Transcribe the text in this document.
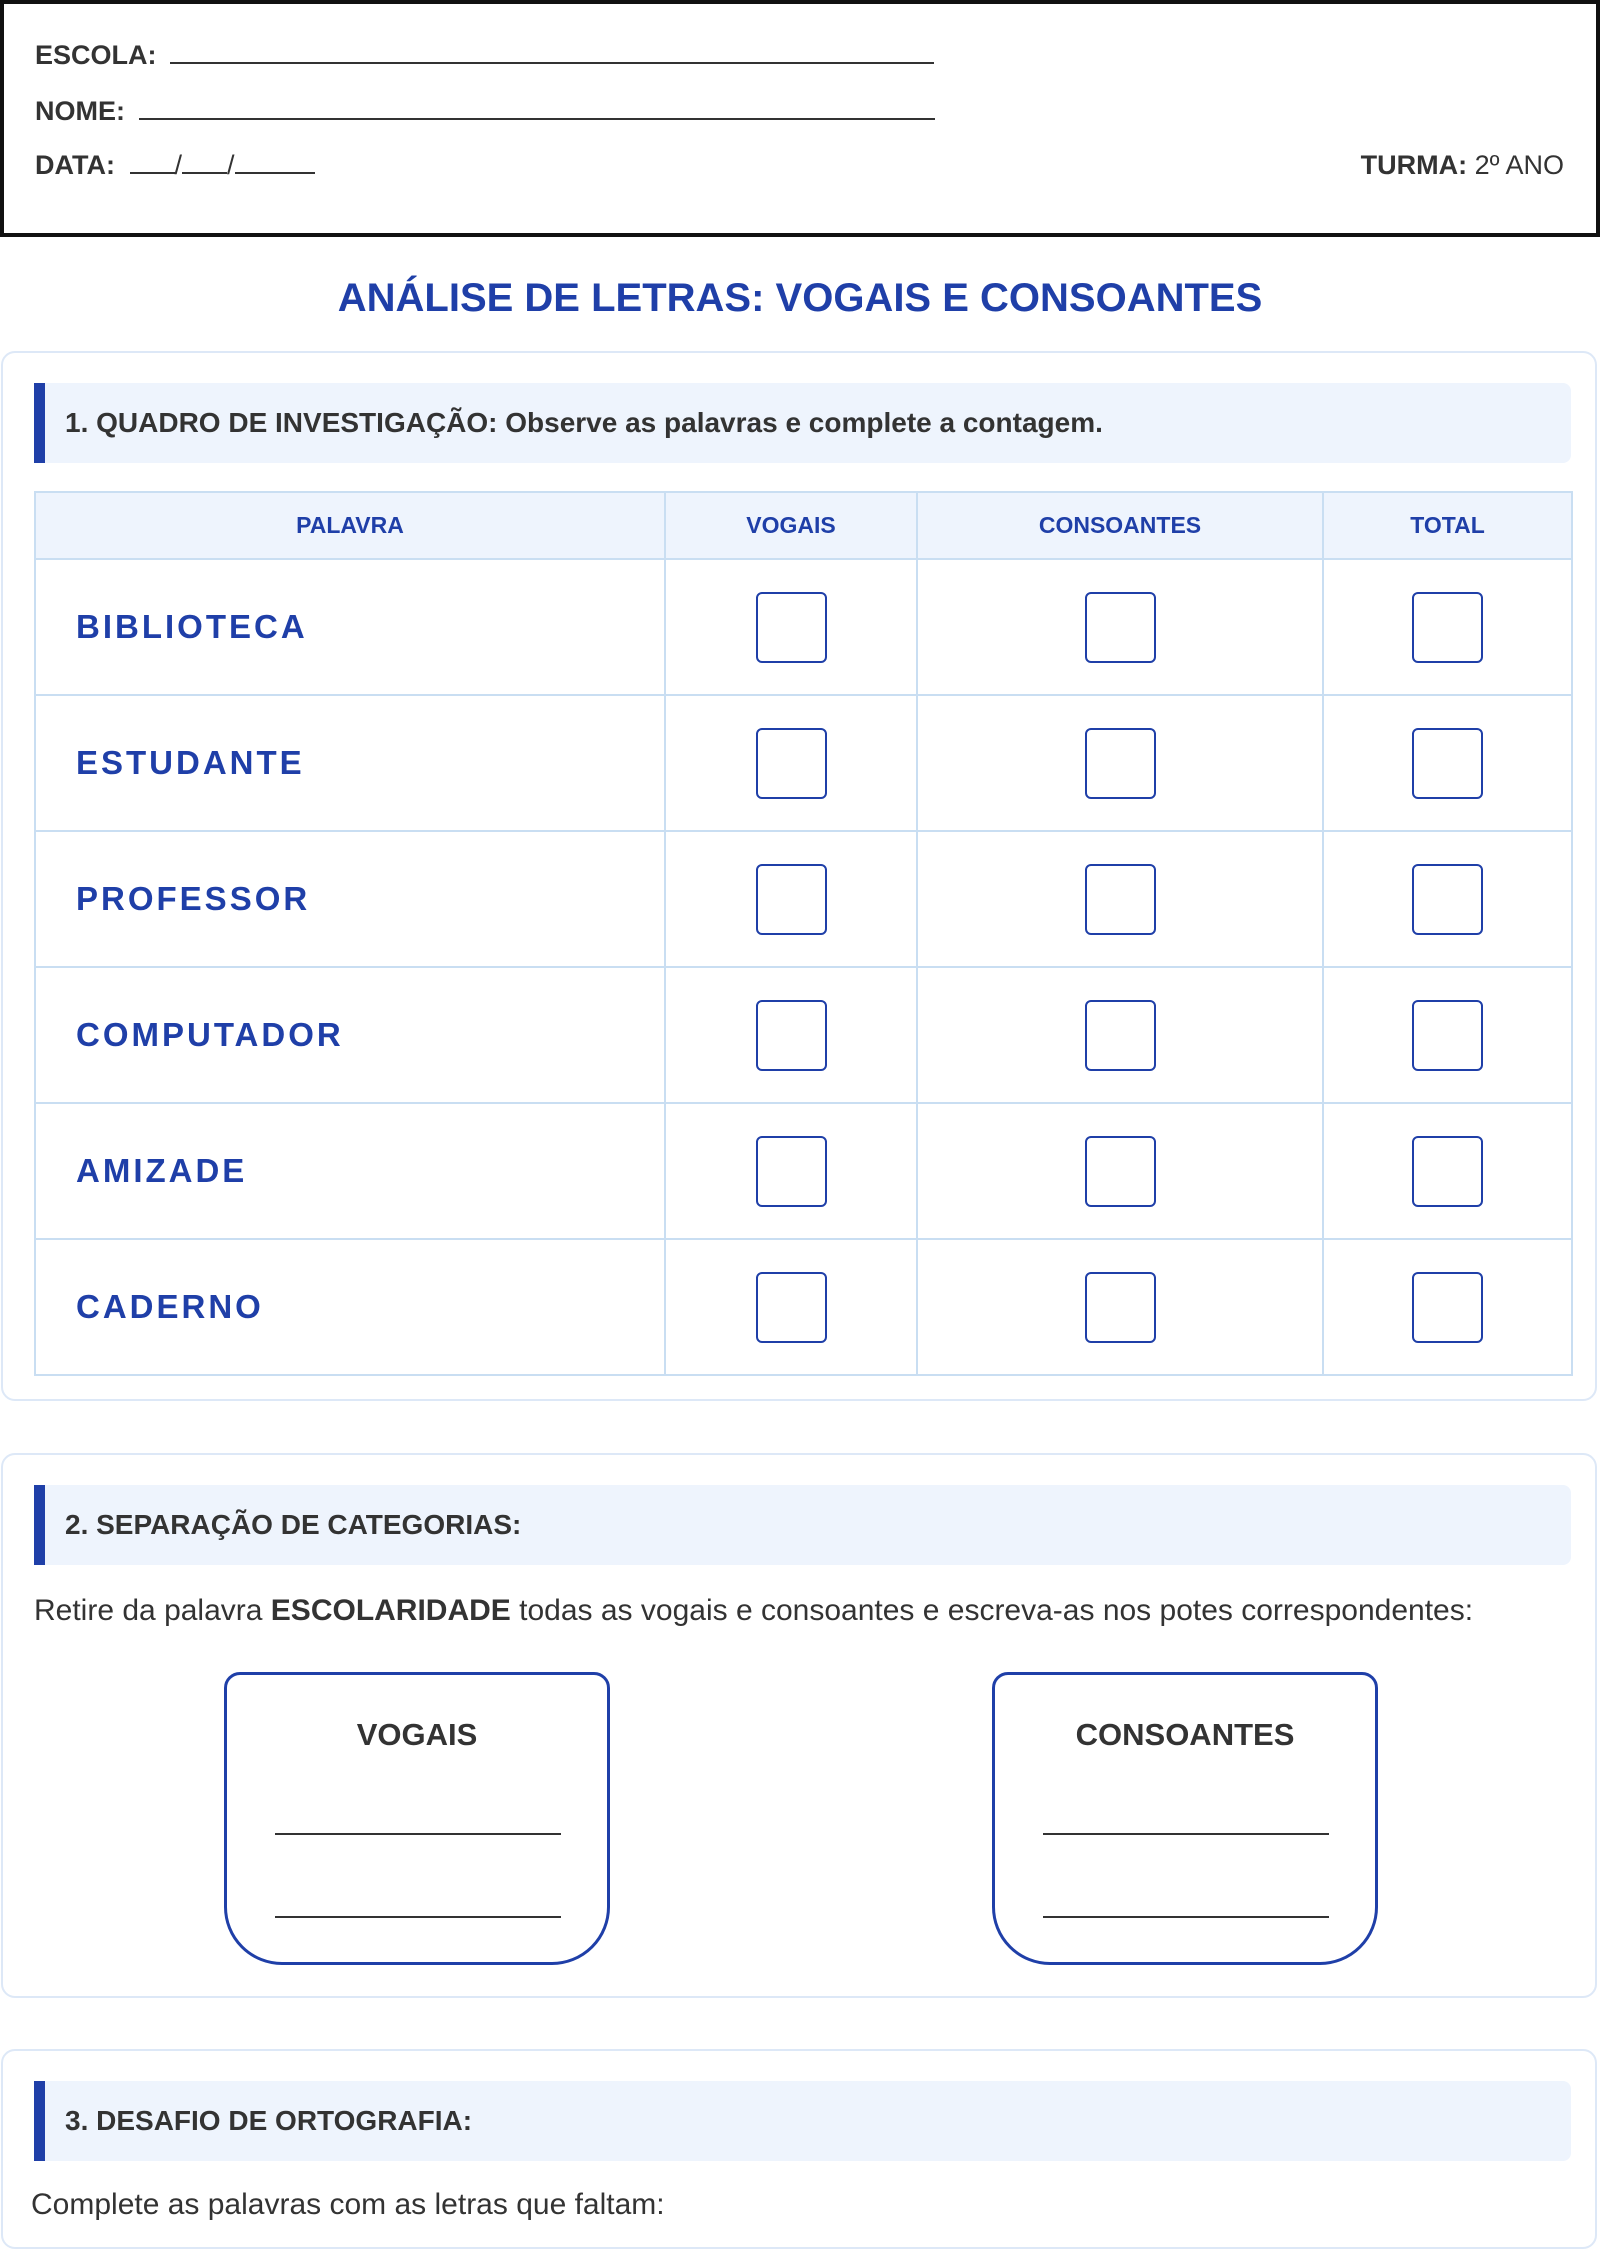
ESCOLA:
NOME:
DATA: / /	TURMA: 2º ANO
ANÁLISE DE LETRAS: VOGAIS E CONSOANTES
1. QUADRO DE INVESTIGAÇÃO: Observe as palavras e complete a contagem.
PALAVRA	VOGAIS	CONSOANTES	TOTAL
BIBLIOTECA			
ESTUDANTE			
PROFESSOR			
COMPUTADOR			
AMIZADE			
CADERNO			
2. SEPARAÇÃO DE CATEGORIAS:
Retire da palavra ESCOLARIDADE todas as vogais e consoantes e escreva-as nos potes correspondentes:
VOGAIS	CONSOANTES
3. DESAFIO DE ORTOGRAFIA:
Complete as palavras com as letras que faltam:
